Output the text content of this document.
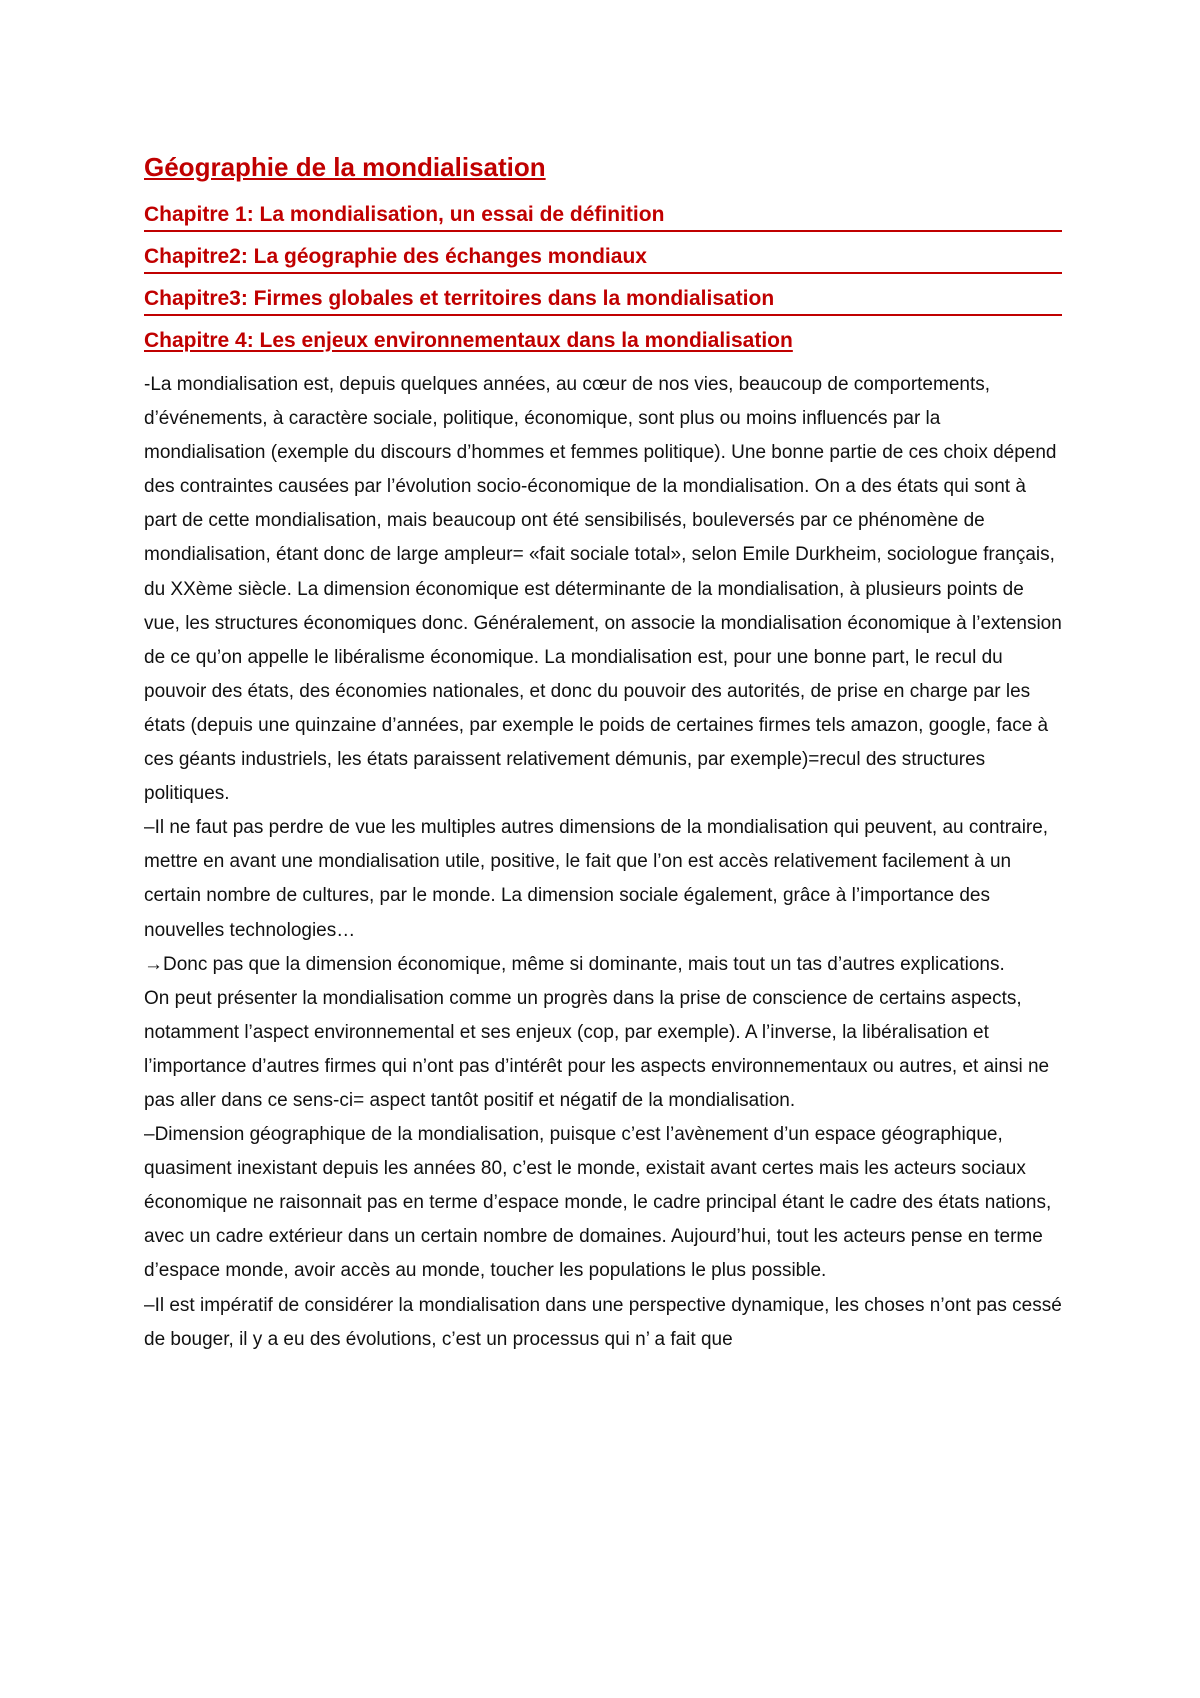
Géographie de la mondialisation
Chapitre 1: La mondialisation, un essai de définition
Chapitre2: La géographie des échanges mondiaux
Chapitre3: Firmes globales et territoires dans la mondialisation
Chapitre 4: Les enjeux environnementaux dans la mondialisation

-La mondialisation est, depuis quelques années, au cœur de nos vies, beaucoup de comportements, d’événements, à caractère sociale, politique, économique, sont plus ou moins influencés par la mondialisation (exemple du discours d’hommes et femmes politique). Une bonne partie de ces choix dépend des contraintes causées par l’évolution socio-économique de la mondialisation. On a des états qui sont à part de cette mondialisation, mais beaucoup ont été sensibilisés, bouleversés par ce phénomène de mondialisation, étant donc de large ampleur= «fait sociale total», selon Emile Durkheim, sociologue français, du XXème siècle. La dimension économique est déterminante de la mondialisation, à plusieurs points de vue, les structures économiques donc. Généralement, on associe la mondialisation économique à l’extension de ce qu’on appelle le libéralisme économique. La mondialisation est, pour une bonne part, le recul du pouvoir des états, des économies nationales, et donc du pouvoir des autorités, de prise en charge par les états (depuis une quinzaine d’années, par exemple le poids de certaines firmes tels amazon, google, face à ces géants industriels, les états paraissent relativement démunis, par exemple)=recul des structures politiques.

–Il ne faut pas perdre de vue les multiples autres dimensions de la mondialisation qui peuvent, au contraire, mettre en avant une mondialisation utile, positive, le fait que l’on est accès relativement facilement à un certain nombre de cultures, par le monde. La dimension sociale également, grâce à l’importance des nouvelles technologies…

→Donc pas que la dimension économique, même si dominante, mais tout un tas d’autres explications.

On peut présenter la mondialisation comme un progrès dans la prise de conscience de certains aspects, notamment l’aspect environnemental et ses enjeux (cop, par exemple). A l’inverse, la libéralisation et l’importance d’autres firmes qui n’ont pas d’intérêt pour les aspects environnementaux ou autres, et ainsi ne pas aller dans ce sens-ci= aspect tantôt positif et négatif de la mondialisation.

–Dimension géographique de la mondialisation, puisque c’est l’avènement d’un espace géographique, quasiment inexistant depuis les années 80, c’est le monde, existait avant certes mais les acteurs sociaux économique ne raisonnait pas en terme d’espace monde, le cadre principal étant le cadre des états nations, avec un cadre extérieur dans un certain nombre de domaines. Aujourd’hui, tout les acteurs pense en terme d’espace monde, avoir accès au monde, toucher les populations le plus possible.

–Il est impératif de considérer la mondialisation dans une perspective dynamique, les choses n’ont pas cessé de bouger, il y a eu des évolutions, c’est un processus qui n’ a fait que
